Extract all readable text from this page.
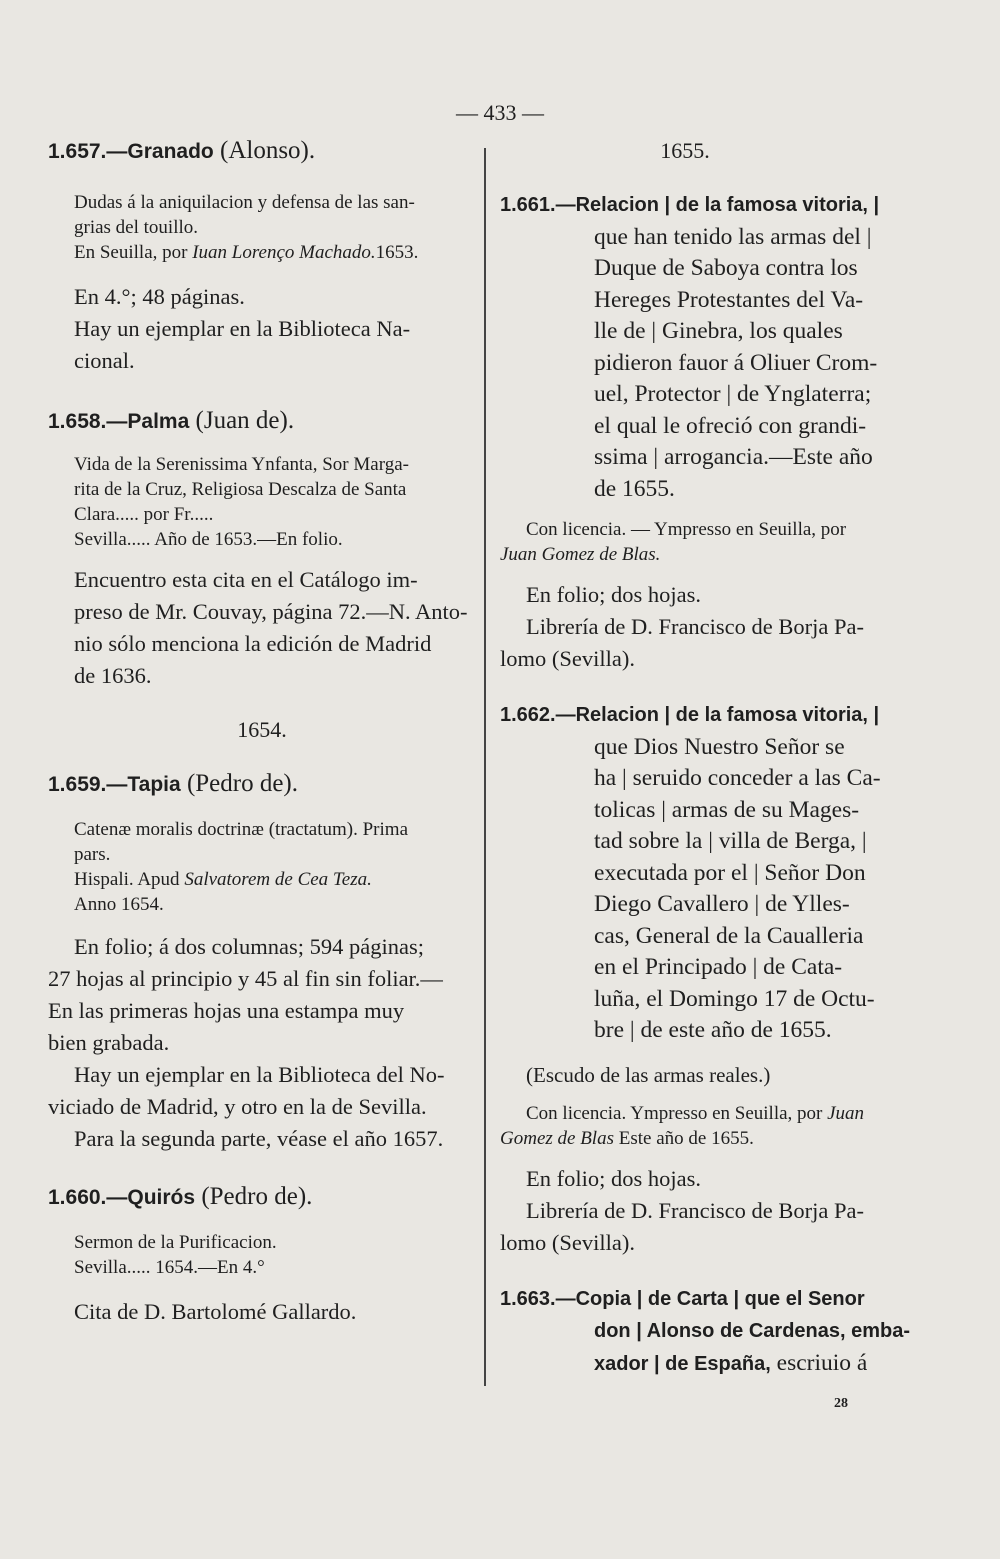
— 433 —

1.657.—Granado (Alonso).

Dudas á la aniquilacion y defensa de las san-

grias del touillo.

En Seuilla, por Iuan Lorenço Machado.1653.

En 4.°; 48 páginas.

Hay un ejemplar en la Biblioteca Na-

cional.

1.658.—Palma (Juan de).

Vida de la Serenissima Ynfanta, Sor Marga-

rita de la Cruz, Religiosa Descalza de Santa

Clara..... por Fr.....

Sevilla..... Año de 1653.—En folio.

Encuentro esta cita en el Catálogo im-

preso de Mr. Couvay, página 72.—N. Anto-

nio sólo menciona la edición de Madrid

de 1636.

1654.

1.659.—Tapia (Pedro de).

Catenæ moralis doctrinæ (tractatum). Prima

pars.

Hispali. Apud Salvatorem de Cea Teza.

Anno 1654.

En folio; á dos columnas; 594 páginas;

27 hojas al principio y 45 al fin sin foliar.—

En las primeras hojas una estampa muy

bien grabada.

Hay un ejemplar en la Biblioteca del No-

viciado de Madrid, y otro en la de Sevilla.

Para la segunda parte, véase el año 1657.

1.660.—Quirós (Pedro de).

Sermon de la Purificacion.

Sevilla..... 1654.—En 4.°

Cita de D. Bartolomé Gallardo.

1655.

1.661.—Relacion | de la famosa vitoria, |

que han tenido las armas del |

Duque de Saboya contra los

Hereges Protestantes del Va-

lle de | Ginebra, los quales

pidieron fauor á Oliuer Crom-

uel, Protector | de Ynglaterra;

el qual le ofreció con grandi-

ssima | arrogancia.—Este año

de 1655.

Con licencia. — Ympresso en Seuilla, por

Juan Gomez de Blas.

En folio; dos hojas.

Librería de D. Francisco de Borja Pa-

lomo (Sevilla).

1.662.—Relacion | de la famosa vitoria, |

que Dios Nuestro Señor se

ha | seruido conceder a las Ca-

tolicas | armas de su Mages-

tad sobre la | villa de Berga, |

executada por el | Señor Don

Diego Cavallero | de Ylles-

cas, General de la Caualleria

en el Principado | de Cata-

luña, el Domingo 17 de Octu-

bre | de este año de 1655.

(Escudo de las armas reales.)

Con licencia. Ympresso en Seuilla, por Juan

Gomez de Blas Este año de 1655.

En folio; dos hojas.

Librería de D. Francisco de Borja Pa-

lomo (Sevilla).

1.663.—Copia | de Carta | que el Senor

don | Alonso de Cardenas, emba-

xador | de España, escriuio á

28
